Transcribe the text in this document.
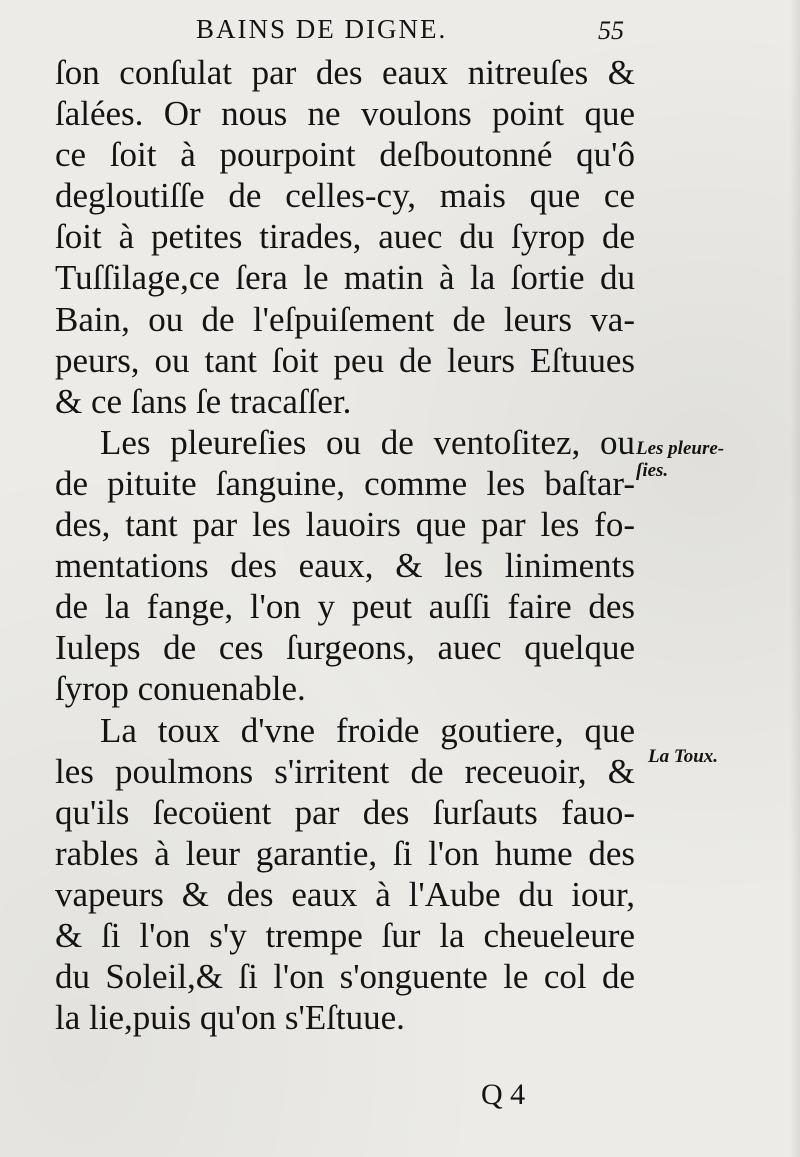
BAINS DE DIGNE.	55
ſon conſulat par des eaux nitreuſes &
ſalées. Or nous ne voulons point que
ce ſoit à pourpoint deſboutonné qu'ô
degloutiſſe de celles-cy, mais que ce
ſoit à petites tirades, auec du ſyrop de
Tuſſilage,ce ſera le matin à la ſortie du
Bain, ou de l'eſpuiſement de leurs va-
peurs, ou tant ſoit peu de leurs Eſtuues
& ce ſans ſe tracaſſer.
Les pleureſies ou de ventoſitez, ou
de pituite ſanguine, comme les baſtar-
des, tant par les lauoirs que par les fo-
mentations des eaux, & les liniments
de la fange, l'on y peut auſſi faire des
Iuleps de ces ſurgeons, auec quelque
ſyrop conuenable.
La toux d'vne froide goutiere, que
les poulmons s'irritent de receuoir, &
qu'ils ſecoüent par des ſurſauts fauo-
rables à leur garantie, ſi l'on hume des
vapeurs & des eaux à l'Aube du iour,
& ſi l'on s'y trempe ſur la cheueleure
du Soleil,& ſi l'on s'onguente le col de
la lie,puis qu'on s'Eſtuue.
Les pleure-
ſies.
La Toux.
Q 4
